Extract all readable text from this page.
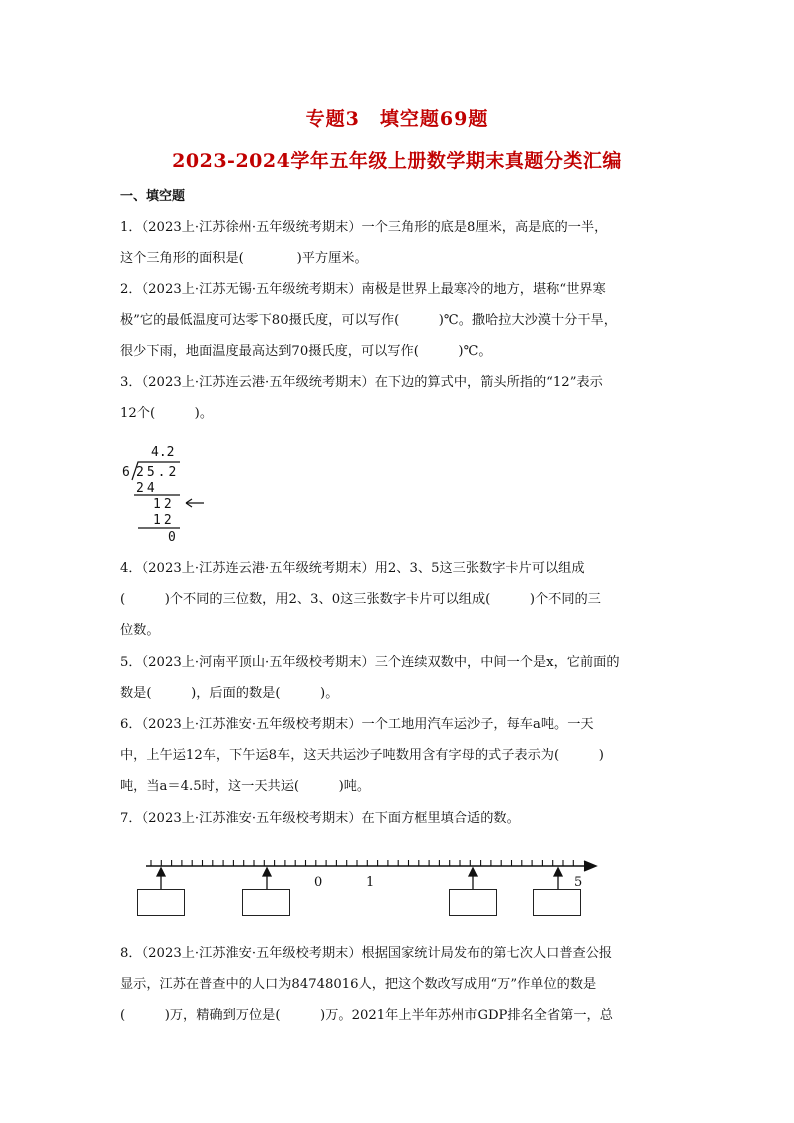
专题3　填空题69题
2023-2024学年五年级上册数学期末真题分类汇编
一、填空题
1．（2023上·江苏徐州·五年级统考期末）一个三角形的底是8厘米，高是底的一半，
这个三角形的面积是(　　　　)平方厘米。
2．（2023上·江苏无锡·五年级统考期末）南极是世界上最寒冷的地方，堪称“世界寒
极”它的最低温度可达零下80摄氏度，可以写作(　　　)℃。撒哈拉大沙漠十分干旱，
很少下雨，地面温度最高达到70摄氏度，可以写作(　　　)℃。
3．（2023上·江苏连云港·五年级统考期末）在下边的算式中，箭头所指的“12”表示
12个(　　　)。
4.2
6 25.2
24
12
12
0
4．（2023上·江苏连云港·五年级统考期末）用2、3、5这三张数字卡片可以组成
(　　　)个不同的三位数，用2、3、0这三张数字卡片可以组成(　　　)个不同的三
位数。
5．（2023上·河南平顶山·五年级校考期末）三个连续双数中，中间一个是x，它前面的
数是(　　　)，后面的数是(　　　)。
6．（2023上·江苏淮安·五年级校考期末）一个工地用汽车运沙子，每车a吨。一天
中，上午运12车，下午运8车，这天共运沙子吨数用含有字母的式子表示为(　　　)
吨，当a＝4.5时，这一天共运(　　　)吨。
7．（2023上·江苏淮安·五年级校考期末）在下面方框里填合适的数。
0	1	5
8．（2023上·江苏淮安·五年级校考期末）根据国家统计局发布的第七次人口普查公报
显示，江苏在普查中的人口为84748016人，把这个数改写成用“万”作单位的数是
(　　　)万，精确到万位是(　　　)万。2021年上半年苏州市GDP排名全省第一，总
